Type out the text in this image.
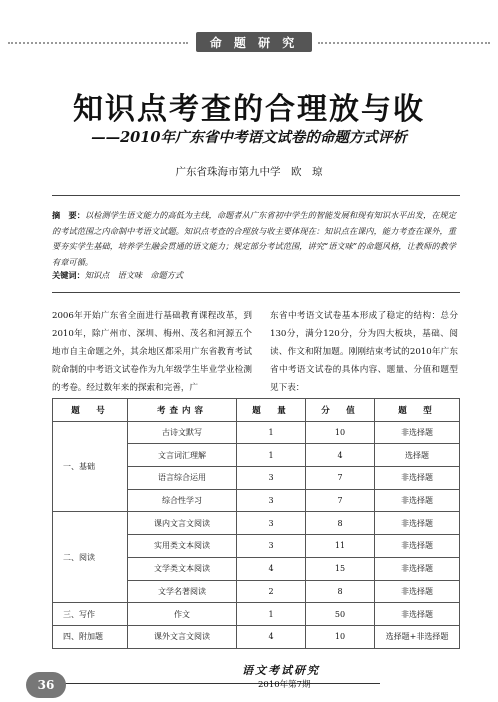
命 题 研 究
知识点考查的合理放与收
——2010年广东省中考语文试卷的命题方式评析
广东省珠海市第九中学　欧　琼
摘　要：以检测学生语文能力的高低为主线，命题者从广东省初中学生的智能发展和现有知识水平出发，在规定的考试范围之内命制中考语文试题。知识点考查的合理放与收主要体现在：知识点在课内，能力考查在课外，重要夯实学生基础，培养学生融会贯通的语文能力；规定部分考试范围，讲究“语文味”的命题风格，让教师的教学有章可循。
关键词：知识点　语文味　命题方式
2006年开始广东省全面进行基础教育课程改革，到2010年，除广州市、深圳、梅州、茂名和河源五个地市自主命题之外，其余地区都采用广东省教育考试院命制的中考语文试卷作为九年级学生毕业学业检测的考卷。经过数年来的探索和完善，广
东省中考语文试卷基本形成了稳定的结构：总分130分，满分120分，分为四大板块，基础、阅读、作文和附加题。刚刚结束考试的2010年广东省中考语文试卷的具体内容、题量、分值和题型见下表：
题　号	考查内容	题　量	分　值	题　型
一、基础	古诗文默写	1	10	非选择题
	文言词汇理解	1	4	选择题
	语言综合运用	3	7	非选择题
	综合性学习	3	7	非选择题
二、阅读	课内文言文阅读	3	8	非选择题
	实用类文本阅读	3	11	非选择题
	文学类文本阅读	4	15	非选择题
	文学名著阅读	2	8	非选择题
三、写作	作文	1	50	非选择题
四、附加题	课外文言文阅读	4	10	选择题+非选择题
语文考试研究
36	2010年第7期
